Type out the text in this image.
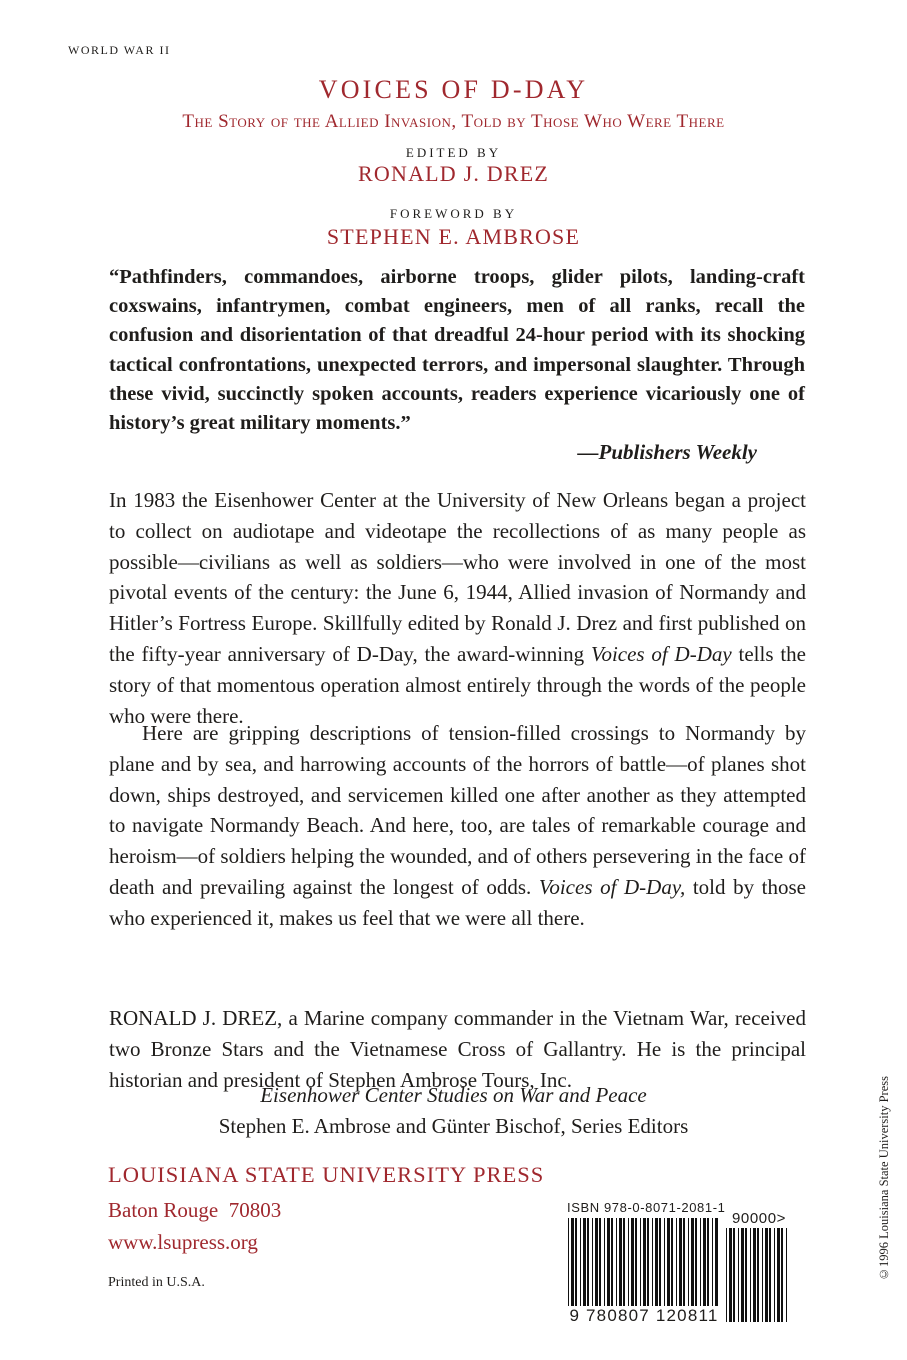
WORLD WAR II
VOICES OF D-DAY
The Story of the Allied Invasion, Told by Those Who Were There
EDITED BY
RONALD J. DREZ
FOREWORD BY
STEPHEN E. AMBROSE

“Pathfinders, commandoes, airborne troops, glider pilots, landing-craft coxswains, infantrymen, combat engineers, men of all ranks, recall the confusion and disorientation of that dreadful 24-hour period with its shocking tactical confrontations, unexpected terrors, and impersonal slaughter. Through these vivid, succinctly spoken accounts, readers experience vicariously one of history’s great military moments.”

—Publishers Weekly

In 1983 the Eisenhower Center at the University of New Orleans began a project to collect on audiotape and videotape the recollections of as many people as possible—civilians as well as soldiers—who were involved in one of the most pivotal events of the century: the June 6, 1944, Allied invasion of Normandy and Hitler’s Fortress Europe. Skillfully edited by Ronald J. Drez and first published on the fifty-year anniversary of D-Day, the award-winning Voices of D-Day tells the story of that momentous operation almost entirely through the words of the people who were there.

Here are gripping descriptions of tension-filled crossings to Normandy by plane and by sea, and harrowing accounts of the horrors of battle—of planes shot down, ships destroyed, and servicemen killed one after another as they attempted to navigate Normandy Beach. And here, too, are tales of remarkable courage and heroism—of soldiers helping the wounded, and of others persevering in the face of death and prevailing against the longest of odds. Voices of D-Day, told by those who experienced it, makes us feel that we were all there.

RONALD J. DREZ, a Marine company commander in the Vietnam War, received two Bronze Stars and the Vietnamese Cross of Gallantry. He is the principal historian and president of Stephen Ambrose Tours, Inc.

Eisenhower Center Studies on War and Peace
Stephen E. Ambrose and Günter Bischof, Series Editors
LOUISIANA STATE UNIVERSITY PRESS
Baton Rouge  70803
www.lsupress.org
Printed in U.S.A.
ISBN 978-0-8071-2081-1
9 780807 120811
90000>	©1996 Louisiana State University Press
